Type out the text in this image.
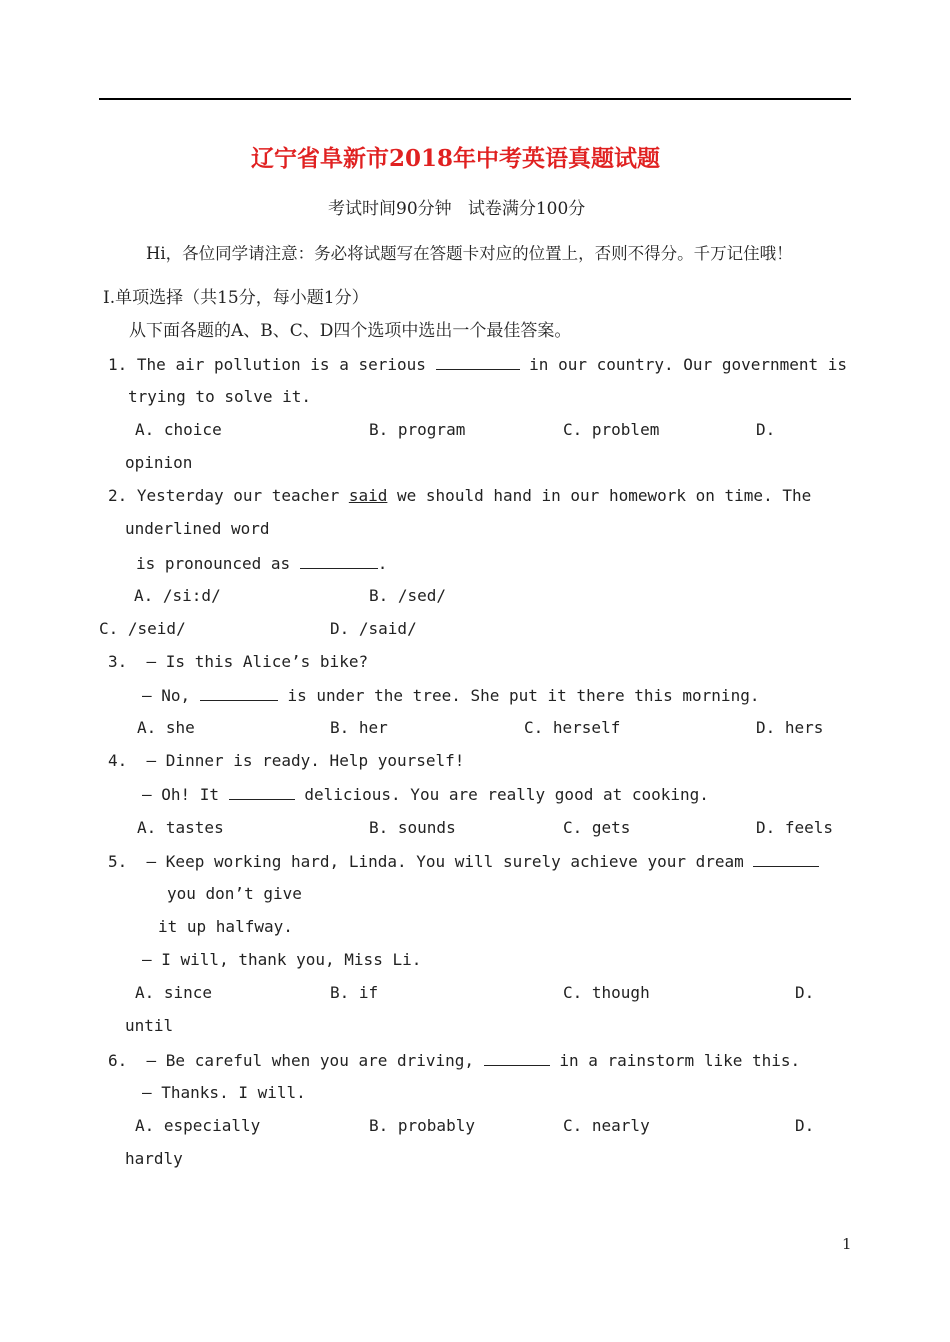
辽宁省阜新市2018年中考英语真题试题
考试时间90分钟   试卷满分100分
Hi，各位同学请注意：务必将试题写在答题卡对应的位置上，否则不得分。千万记住哦！
Ⅰ.单项选择（共15分，每小题1分）
从下面各题的A、B、C、D四个选项中选出一个最佳答案。
1. The air pollution is a serious	in our country. Our government is
trying to solve it.
A. choice	B. program	C. problem	D.
opinion
2. Yesterday our teacher said we should hand in our homework on time. The
underlined word
is pronounced as	.
A. /si:d/	B. /sed/
C. /seid/	D. /said/
3. – Is this Alice’s bike?
– No,	is under the tree. She put it there this morning.
A. she	B. her	C. herself	D. hers
4. – Dinner is ready. Help yourself!
– Oh! It	delicious. You are really good at cooking.
A. tastes	B. sounds	C. gets	D. feels
5. – Keep working hard, Linda. You will surely achieve your dream
you don’t give
it up halfway.
– I will, thank you, Miss Li.
A. since	B. if	C. though	D.
until
6. – Be careful when you are driving,	in a rainstorm like this.
– Thanks. I will.
A. especially	B. probably	C. nearly	D.
hardly
1
